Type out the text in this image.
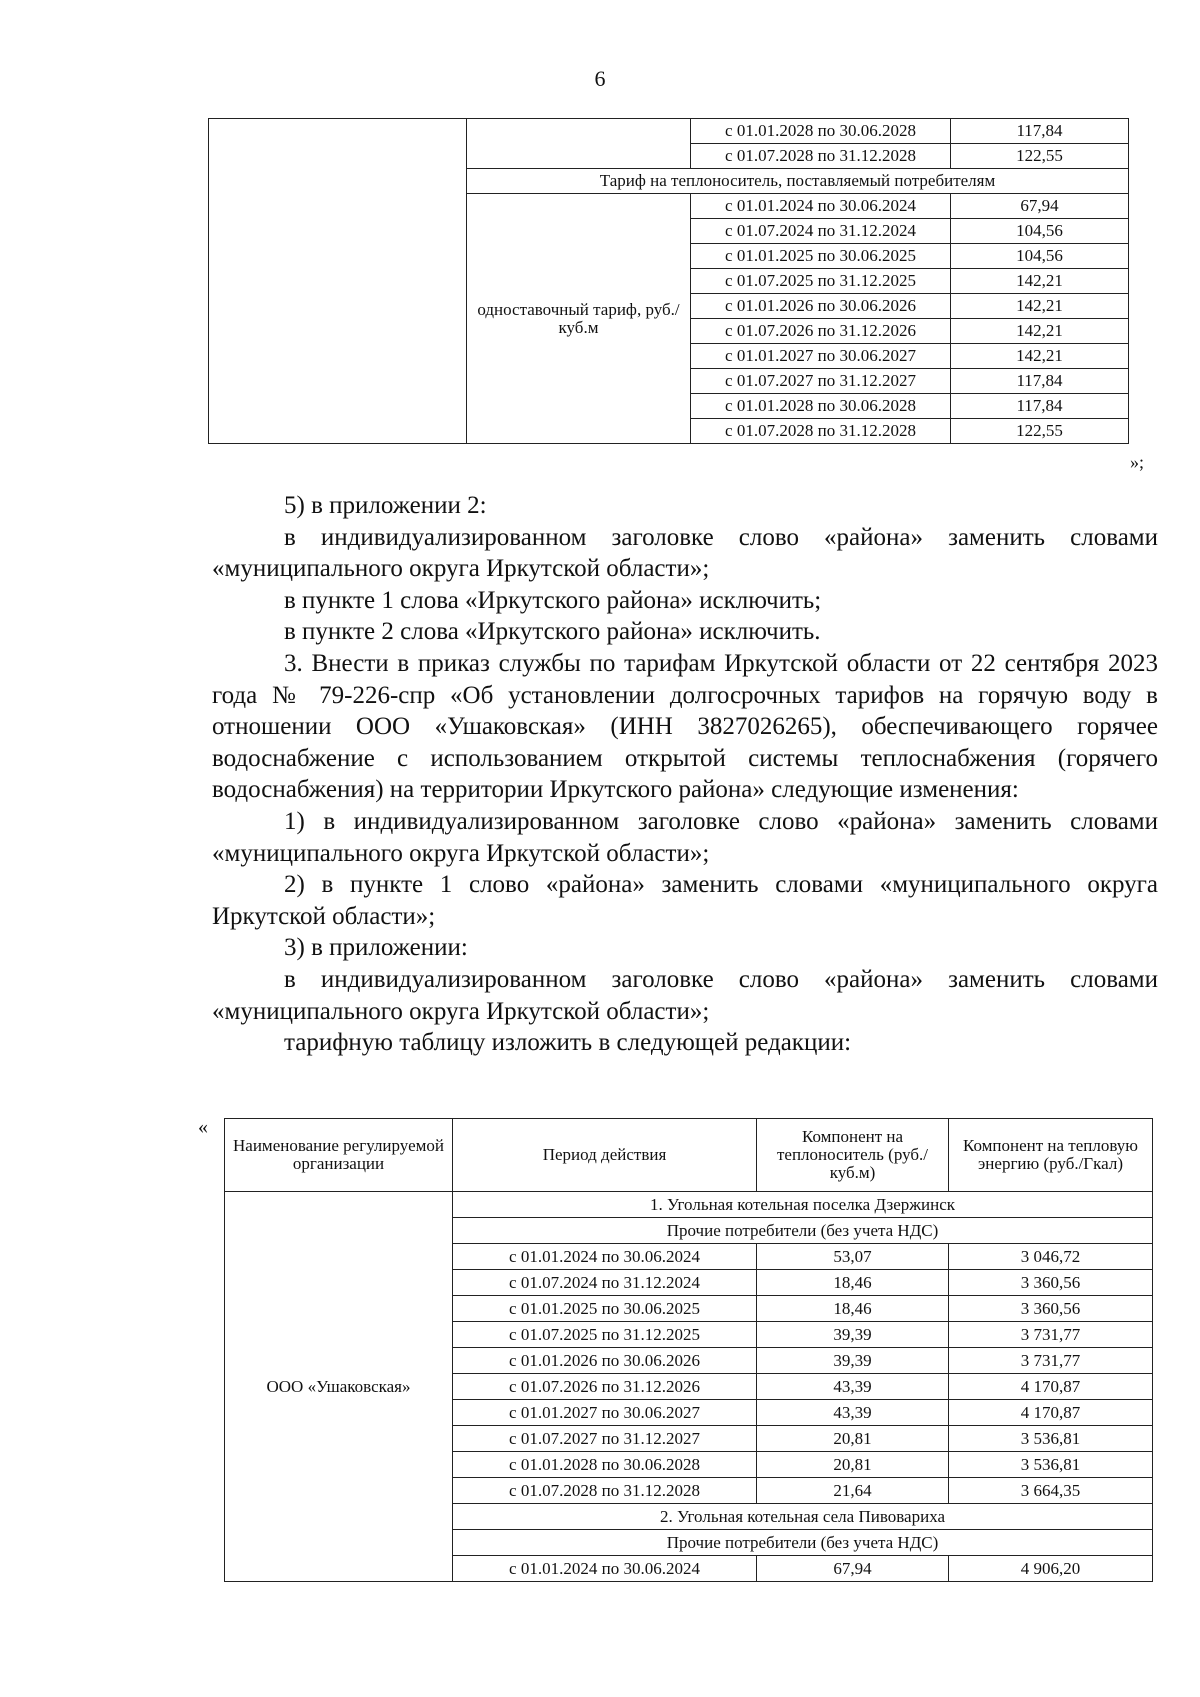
6
		с 01.01.2028 по 30.06.2028	117,84
		с 01.07.2028 по 31.12.2028	122,55
	Тариф на теплоноситель, поставляемый потребителям		
	одноставочный тариф, руб./куб.м	с 01.01.2024 по 30.06.2024	67,94
		с 01.07.2024 по 31.12.2024	104,56
		с 01.01.2025 по 30.06.2025	104,56
		с 01.07.2025 по 31.12.2025	142,21
		с 01.01.2026 по 30.06.2026	142,21
		с 01.07.2026 по 31.12.2026	142,21
		с 01.01.2027 по 30.06.2027	142,21
		с 01.07.2027 по 31.12.2027	117,84
		с 01.01.2028 по 30.06.2028	117,84
		с 01.07.2028 по 31.12.2028	122,55
»;

5) в приложении 2:

в индивидуализированном заголовке слово «района» заменить словами «муниципального округа Иркутской области»;

в пункте 1 слова «Иркутского района» исключить;

в пункте 2 слова «Иркутского района» исключить.

3. Внести в приказ службы по тарифам Иркутской области от 22 сентября 2023 года № 79-226-спр «Об установлении долгосрочных тарифов на горячую воду в отношении ООО «Ушаковская» (ИНН 3827026265), обеспечивающего горячее водоснабжение с использованием открытой системы теплоснабжения (горячего водоснабжения) на территории Иркутского района» следующие изменения:

1) в индивидуализированном заголовке слово «района» заменить словами «муниципального округа Иркутской области»;

2) в пункте 1 слово «района» заменить словами «муниципального округа Иркутской области»;

3) в приложении:

в индивидуализированном заголовке слово «района» заменить словами «муниципального округа Иркутской области»;

тарифную таблицу изложить в следующей редакции:

«
Наименование регулируемой организации	Период действия	Компонент на теплоноситель (руб./куб.м)	Компонент на тепловую энергию (руб./Гкал)
ООО «Ушаковская»	1. Угольная котельная поселка Дзержинск		
	Прочие потребители (без учета НДС)		
	с 01.01.2024 по 30.06.2024	53,07	3 046,72
	с 01.07.2024 по 31.12.2024	18,46	3 360,56
	с 01.01.2025 по 30.06.2025	18,46	3 360,56
	с 01.07.2025 по 31.12.2025	39,39	3 731,77
	с 01.01.2026 по 30.06.2026	39,39	3 731,77
	с 01.07.2026 по 31.12.2026	43,39	4 170,87
	с 01.01.2027 по 30.06.2027	43,39	4 170,87
	с 01.07.2027 по 31.12.2027	20,81	3 536,81
	с 01.01.2028 по 30.06.2028	20,81	3 536,81
	с 01.07.2028 по 31.12.2028	21,64	3 664,35
	2. Угольная котельная села Пивовариха		
	Прочие потребители (без учета НДС)		
	с 01.01.2024 по 30.06.2024	67,94	4 906,20
